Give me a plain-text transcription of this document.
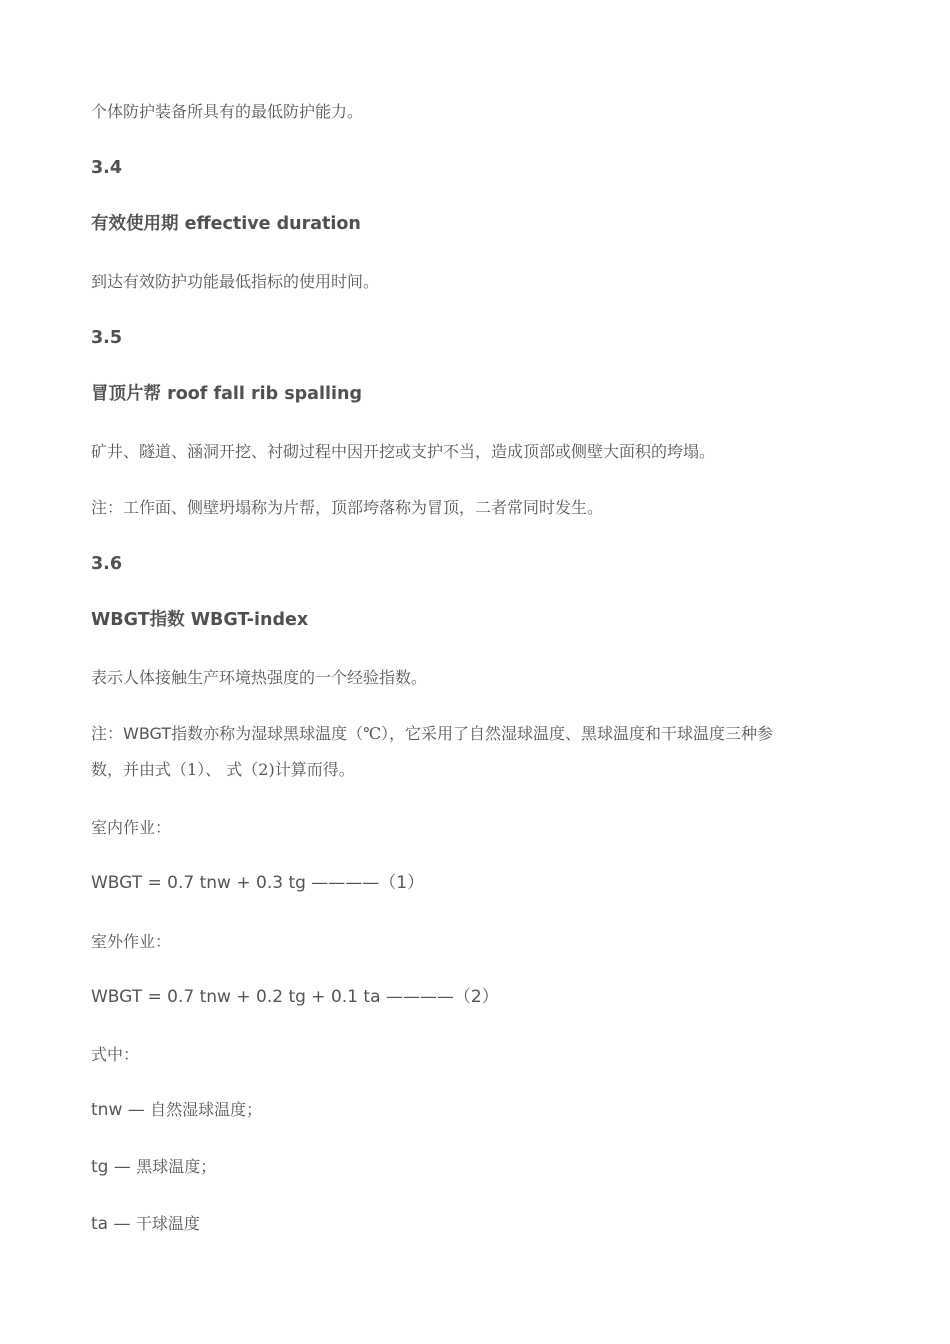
个体防护装备所具有的最低防护能力。
3.4
有效使用期 effective duration
到达有效防护功能最低指标的使用时间。
3.5
冒顶片帮 roof fall rib spalling
矿井、隧道、涵洞开挖、衬砌过程中因开挖或支护不当，造成顶部或侧壁大面积的垮塌。
注：工作面、侧壁坍塌称为片帮，顶部垮落称为冒顶，二者常同时发生。
3.6
WBGT指数 WBGT-index
表示人体接触生产环境热强度的一个经验指数。
注：WBGT指数亦称为湿球黑球温度（℃），它采用了自然湿球温度、黑球温度和干球温度三种参
数，并由式（1）、 式（2)计算而得。
室内作业：
WBGT = 0.7 tnw + 0.3 tg ————（1）
室外作业：
WBGT = 0.7 tnw + 0.2 tg + 0.1 ta ————（2）
式中：
tnw — 自然湿球温度；
tg — 黑球温度；
ta — 干球温度
